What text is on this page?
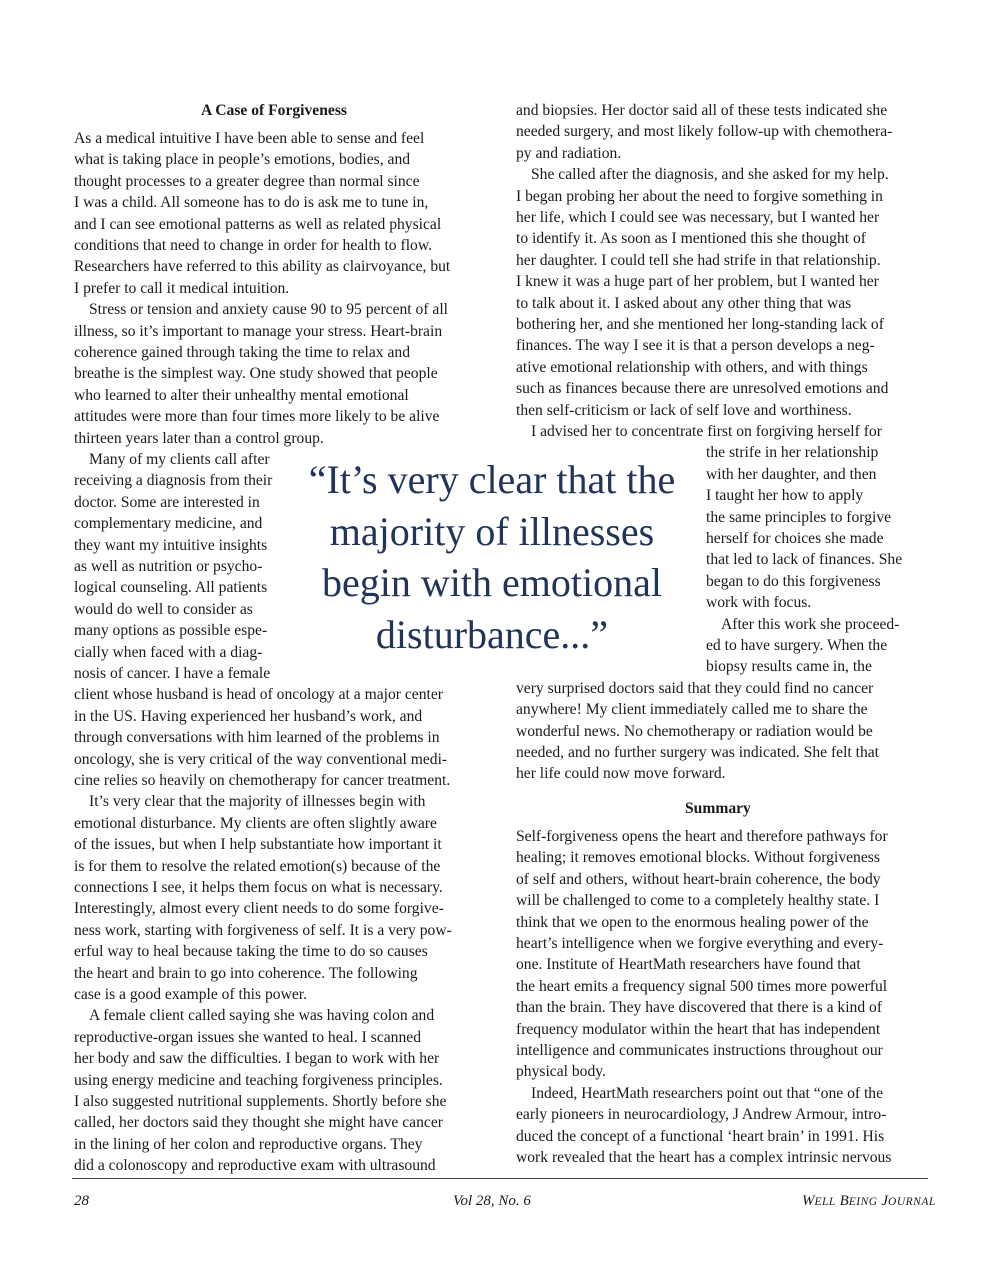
A Case of Forgiveness
As a medical intuitive I have been able to sense and feel
what is taking place in people’s emotions, bodies, and
thought processes to a greater degree than normal since
I was a child. All someone has to do is ask me to tune in,
and I can see emotional patterns as well as related physical
conditions that need to change in order for health to flow.
Researchers have referred to this ability as clairvoyance, but
I prefer to call it medical intuition.
Stress or tension and anxiety cause 90 to 95 percent of all
illness, so it’s important to manage your stress. Heart-brain
coherence gained through taking the time to relax and
breathe is the simplest way. One study showed that people
who learned to alter their unhealthy mental emotional
attitudes were more than four times more likely to be alive
thirteen years later than a control group.
Many of my clients call after
receiving a diagnosis from their
doctor. Some are interested in
complementary medicine, and
they want my intuitive insights
as well as nutrition or psycho-
logical counseling. All patients
would do well to consider as
many options as possible espe-
cially when faced with a diag-
nosis of cancer. I have a female
client whose husband is head of oncology at a major center
in the US. Having experienced her husband’s work, and
through conversations with him learned of the problems in
oncology, she is very critical of the way conventional medi-
cine relies so heavily on chemotherapy for cancer treatment.
It’s very clear that the majority of illnesses begin with
emotional disturbance. My clients are often slightly aware
of the issues, but when I help substantiate how important it
is for them to resolve the related emotion(s) because of the
connections I see, it helps them focus on what is necessary.
Interestingly, almost every client needs to do some forgive-
ness work, starting with forgiveness of self. It is a very pow-
erful way to heal because taking the time to do so causes
the heart and brain to go into coherence. The following
case is a good example of this power.
A female client called saying she was having colon and
reproductive-organ issues she wanted to heal. I scanned
her body and saw the difficulties. I began to work with her
using energy medicine and teaching forgiveness principles.
I also suggested nutritional supplements. Shortly before she
called, her doctors said they thought she might have cancer
in the lining of her colon and reproductive organs. They
did a colonoscopy and reproductive exam with ultrasound
“It’s very clear that the
majority of illnesses
begin with emotional
disturbance...”
and biopsies. Her doctor said all of these tests indicated she
needed surgery, and most likely follow-up with chemothera-
py and radiation.
She called after the diagnosis, and she asked for my help.
I began probing her about the need to forgive something in
her life, which I could see was necessary, but I wanted her
to identify it. As soon as I mentioned this she thought of
her daughter. I could tell she had strife in that relationship.
I knew it was a huge part of her problem, but I wanted her
to talk about it. I asked about any other thing that was
bothering her, and she mentioned her long-standing lack of
finances. The way I see it is that a person develops a neg-
ative emotional relationship with others, and with things
such as finances because there are unresolved emotions and
then self-criticism or lack of self love and worthiness.
I advised her to concentrate first on forgiving herself for
the strife in her relationship
with her daughter, and then
I taught her how to apply
the same principles to forgive
herself for choices she made
that led to lack of finances. She
began to do this forgiveness
work with focus.
After this work she proceed-
ed to have surgery. When the
biopsy results came in, the
very surprised doctors said that they could find no cancer
anywhere! My client immediately called me to share the
wonderful news. No chemotherapy or radiation would be
needed, and no further surgery was indicated. She felt that
her life could now move forward.
Summary
Self-forgiveness opens the heart and therefore pathways for
healing; it removes emotional blocks. Without forgiveness
of self and others, without heart-brain coherence, the body
will be challenged to come to a completely healthy state. I
think that we open to the enormous healing power of the
heart’s intelligence when we forgive everything and every-
one. Institute of HeartMath researchers have found that
the heart emits a frequency signal 500 times more powerful
than the brain. They have discovered that there is a kind of
frequency modulator within the heart that has independent
intelligence and communicates instructions throughout our
physical body.
Indeed, HeartMath researchers point out that “one of the
early pioneers in neurocardiology, J Andrew Armour, intro-
duced the concept of a functional ‘heart brain’ in 1991. His
work revealed that the heart has a complex intrinsic nervous
28	Vol 28, No. 6	WELL BEING JOURNAL
